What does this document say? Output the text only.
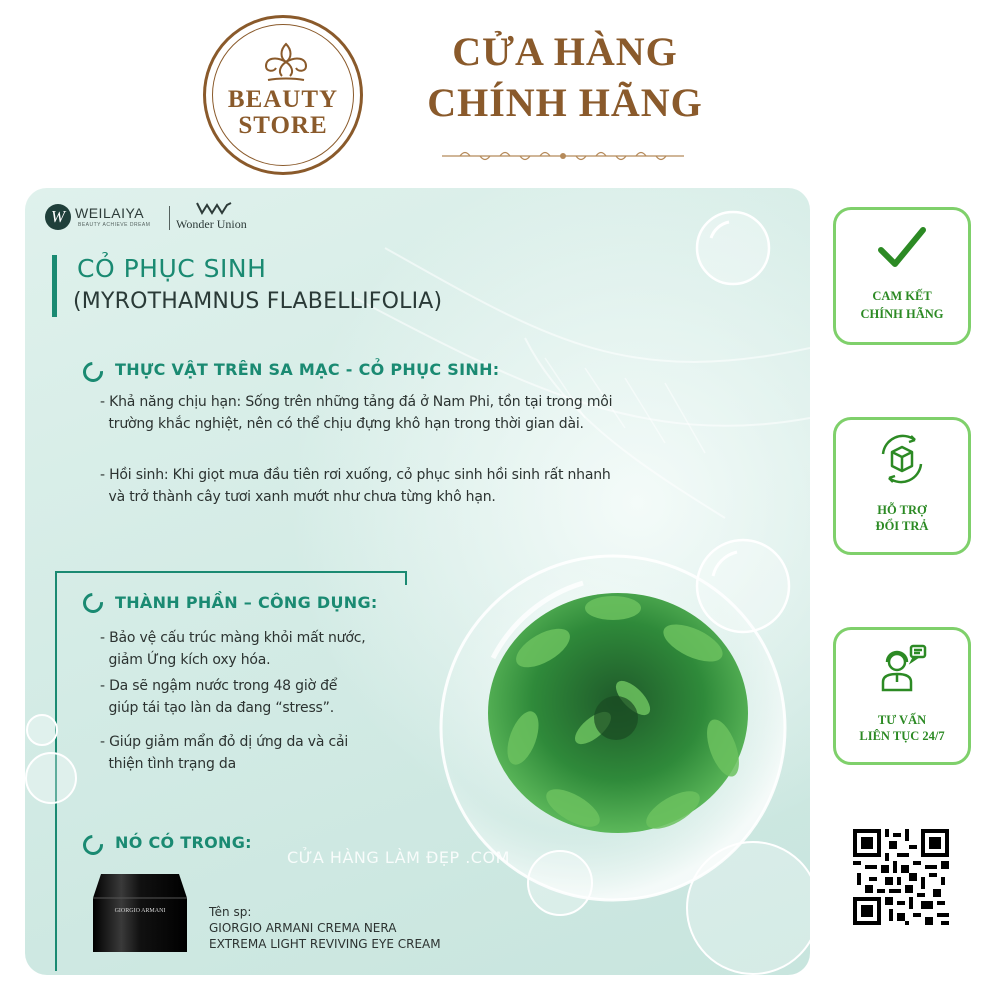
BEAUTY
STORE
CỬA HÀNG
CHÍNH HÃNG
W WEILAIYA
BEAUTY ACHIEVE DREAM Wonder Union
CỎ PHỤC SINH
(MYROTHAMNUS FLABELLIFOLIA)
THỰC VẬT TRÊN SA MẠC - CỎ PHỤC SINH:
- Khả năng chịu hạn: Sống trên những tảng đá ở Nam Phi, tồn tại trong môi
trường khắc nghiệt, nên có thể chịu đựng khô hạn trong thời gian dài.
- Hồi sinh: Khi giọt mưa đầu tiên rơi xuống, cỏ phục sinh hồi sinh rất nhanh
và trở thành cây tươi xanh mướt như chưa từng khô hạn.
THÀNH PHẦN – CÔNG DỤNG:
- Bảo vệ cấu trúc màng khỏi mất nước,
giảm Ứng kích oxy hóa.
- Da sẽ ngậm nước trong 48 giờ để
giúp tái tạo làn da đang “stress”.
- Giúp giảm mẩn đỏ dị ứng da và cải
thiện tình trạng da
NÓ CÓ TRONG:
CỬA HÀNG LÀM ĐẸP .COM
GIORGIO ARMANI	Tên sp:
GIORGIO ARMANI CREMA NERA
EXTREMA LIGHT REVIVING EYE CREAM
CAM KẾT
CHÍNH HÃNG
HỖ TRỢ
ĐỔI TRẢ
TƯ VẤN
LIÊN TỤC 24/7
